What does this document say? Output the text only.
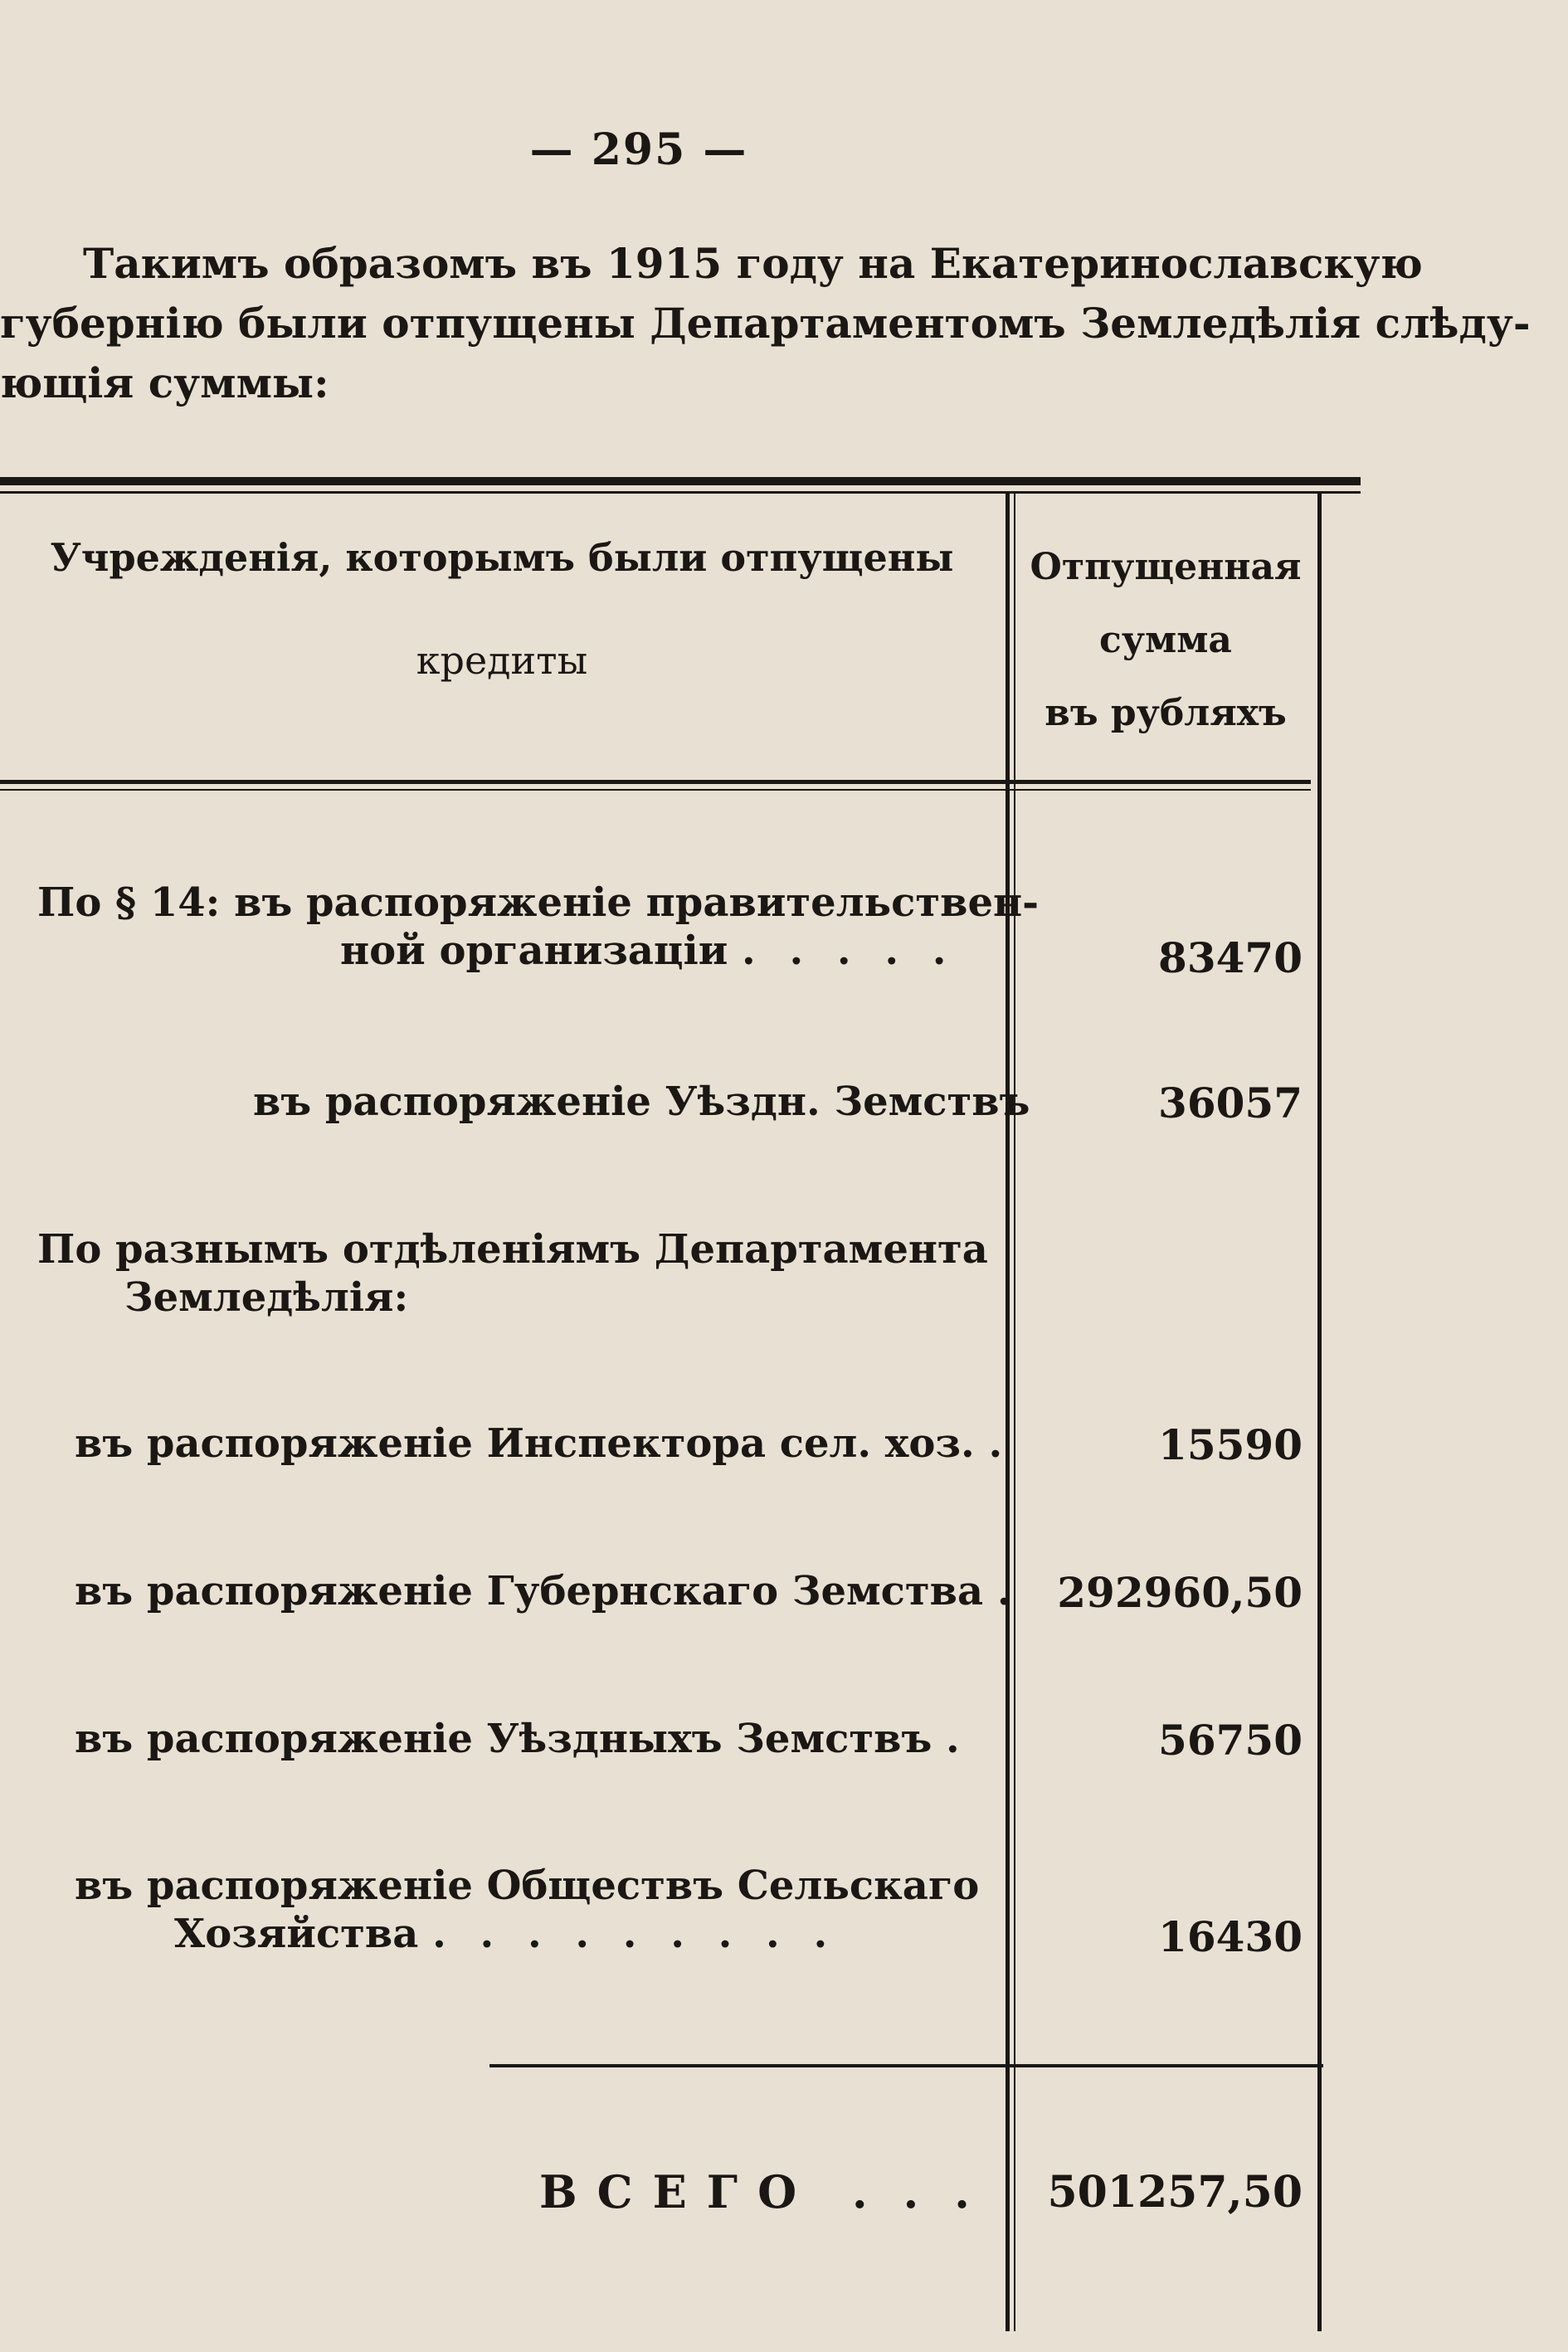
— 295 —
Такимъ образомъ въ 1915 году на Екатеринославскую
губернію были отпущены Департаментомъ Земледѣлія слѣду-
ющія суммы:
Учрежденія, которымъ были отпущены
кредиты
Отпущенная
сумма
въ рубляхъ
По § 14: въ распоряженіе правительствен-
ной организаціи . . . . .	83470
въ распоряженіе Уѣздн. Земствъ	36057
По разнымъ отдѣленіямъ Департамента
Земледѣлія:
въ распоряженіе Инспектора сел. хоз. .	15590
въ распоряженіе Губернскаго Земства . 292960,50
въ распоряженіе Уѣздныхъ Земствъ .	56750
въ распоряженіе Обществъ Сельскаго
Хозяйства . . . . . . . . .	16430
ВСЕГО . . .	501257,50
